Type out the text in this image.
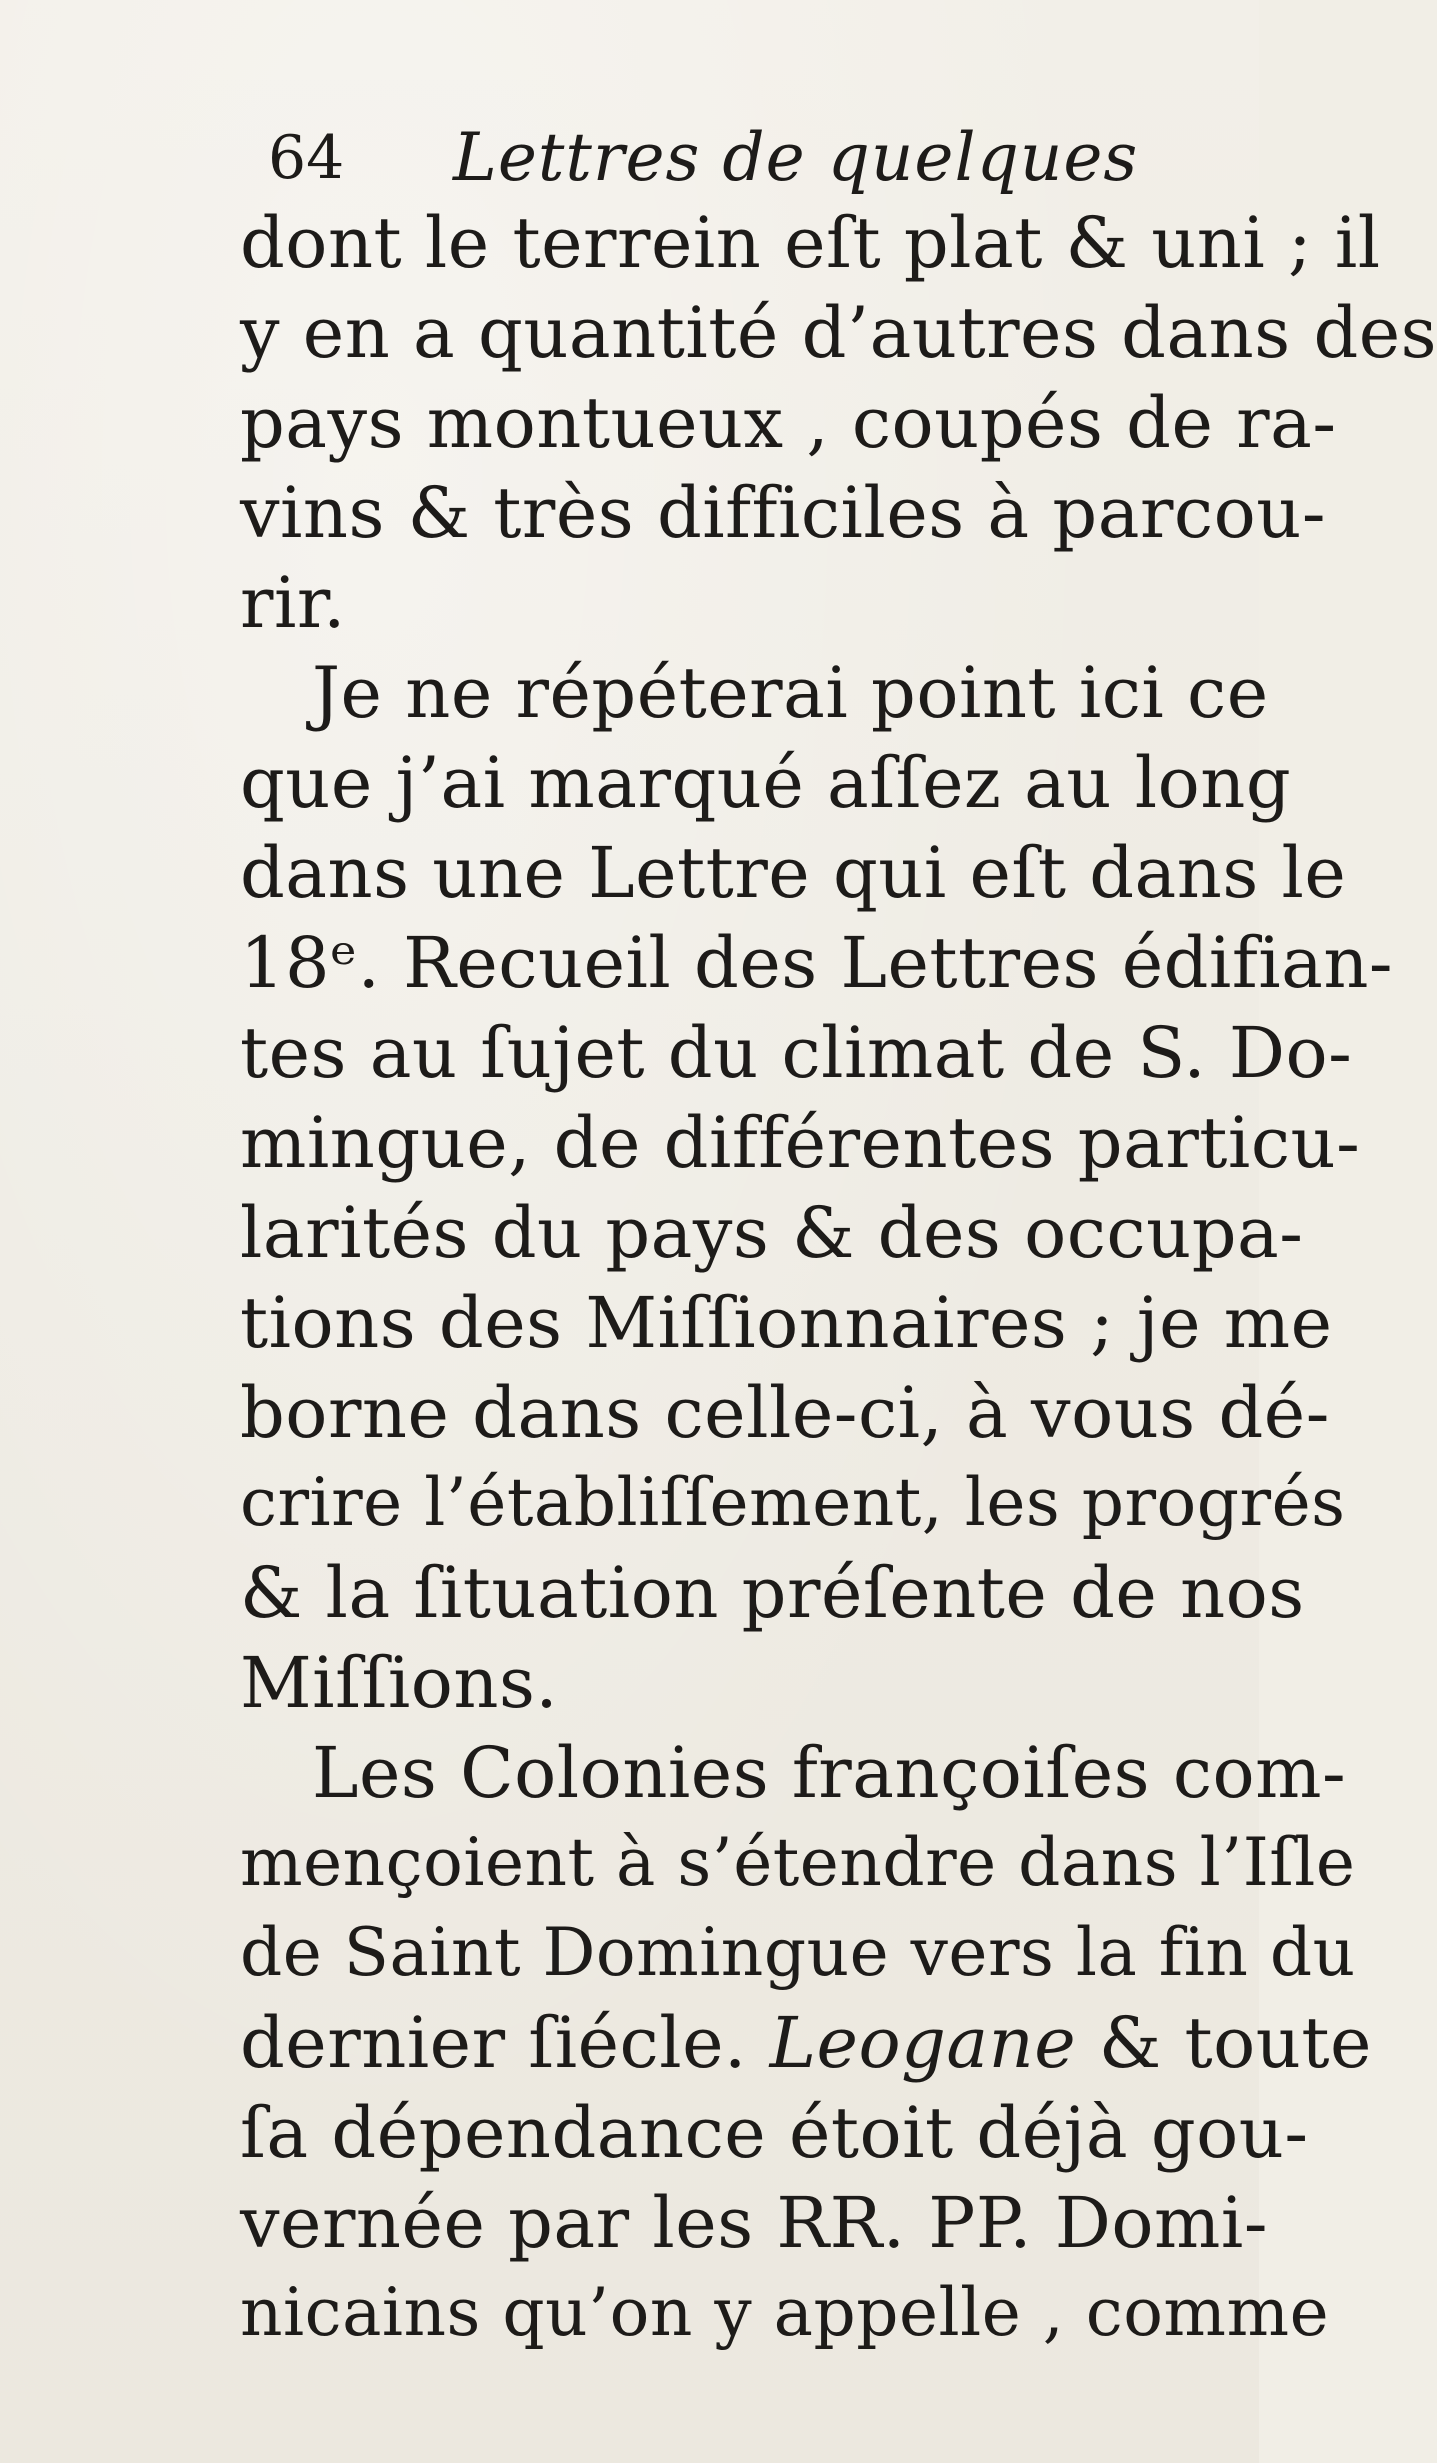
64 Lettres de quelques
dont le terrein eſt plat & uni ; il
y en a quantité d’autres dans des
pays montueux , coupés de ra-
vins & très difficiles à parcou-
rir.
Je ne répéterai point ici ce
que j’ai marqué aſſez au long
dans une Lettre qui eſt dans le
18ᵉ. Recueil des Lettres édifian-
tes au ſujet du climat de S. Do-
mingue, de différentes particu-
larités du pays & des occupa-
tions des Miſſionnaires ; je me
borne dans celle-ci, à vous dé-
crire l’établiſſement, les progrés
& la ſituation préſente de nos
Miſſions.
Les Colonies françoiſes com-
mençoient à s’étendre dans l’Iſle
de Saint Domingue vers la fin du
dernier ſiécle. Leogane & toute
ſa dépendance étoit déjà gou-
vernée par les RR. PP. Domi-
nicains qu’on y appelle , comme
